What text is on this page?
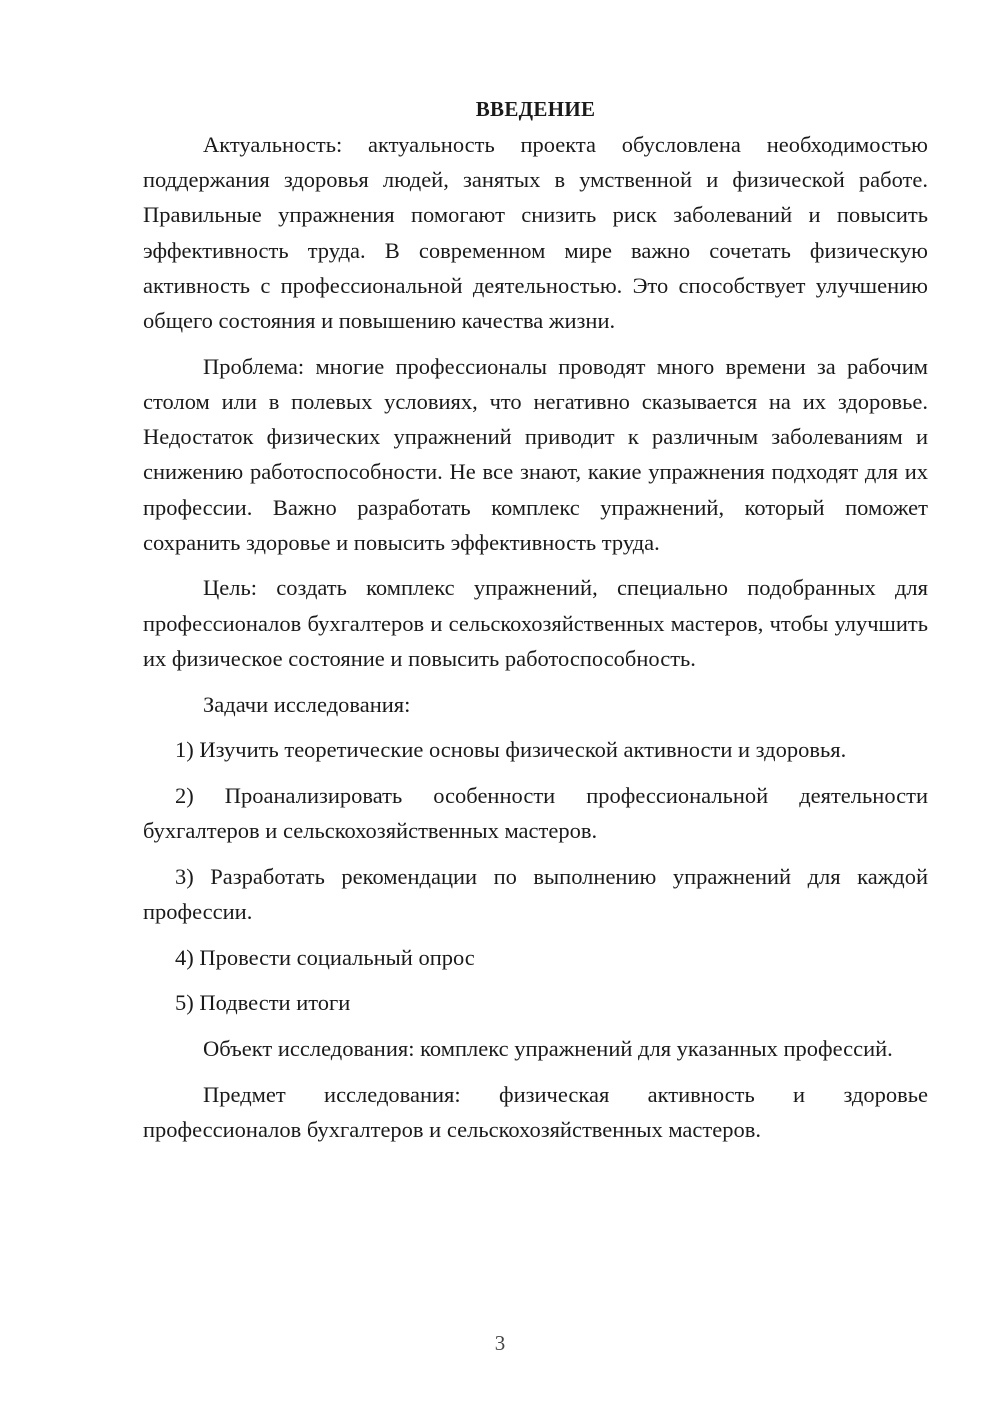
ВВЕДЕНИЕ

Актуальность: актуальность проекта обусловлена необходимостью поддержания здоровья людей, занятых в умственной и физической работе. Правильные упражнения помогают снизить риск заболеваний и повысить эффективность труда. В современном мире важно сочетать физическую активность с профессиональной деятельностью. Это способствует улучшению общего состояния и повышению качества жизни.

Проблема: многие профессионалы проводят много времени за рабочим столом или в полевых условиях, что негативно сказывается на их здоровье. Недостаток физических упражнений приводит к различным заболеваниям и снижению работоспособности. Не все знают, какие упражнения подходят для их профессии. Важно разработать комплекс упражнений, который поможет сохранить здоровье и повысить эффективность труда.

Цель: создать комплекс упражнений, специально подобранных для профессионалов бухгалтеров и сельскохозяйственных мастеров, чтобы улучшить их физическое состояние и повысить работоспособность.

Задачи исследования:

1) Изучить теоретические основы физической активности и здоровья.

2) Проанализировать особенности профессиональной деятельности бухгалтеров и сельскохозяйственных мастеров.

3) Разработать рекомендации по выполнению упражнений для каждой профессии.

4) Провести социальный опрос

5) Подвести итоги

Объект исследования: комплекс упражнений для указанных профессий.

Предмет исследования: физическая активность и здоровье профессионалов бухгалтеров и сельскохозяйственных мастеров.

3
